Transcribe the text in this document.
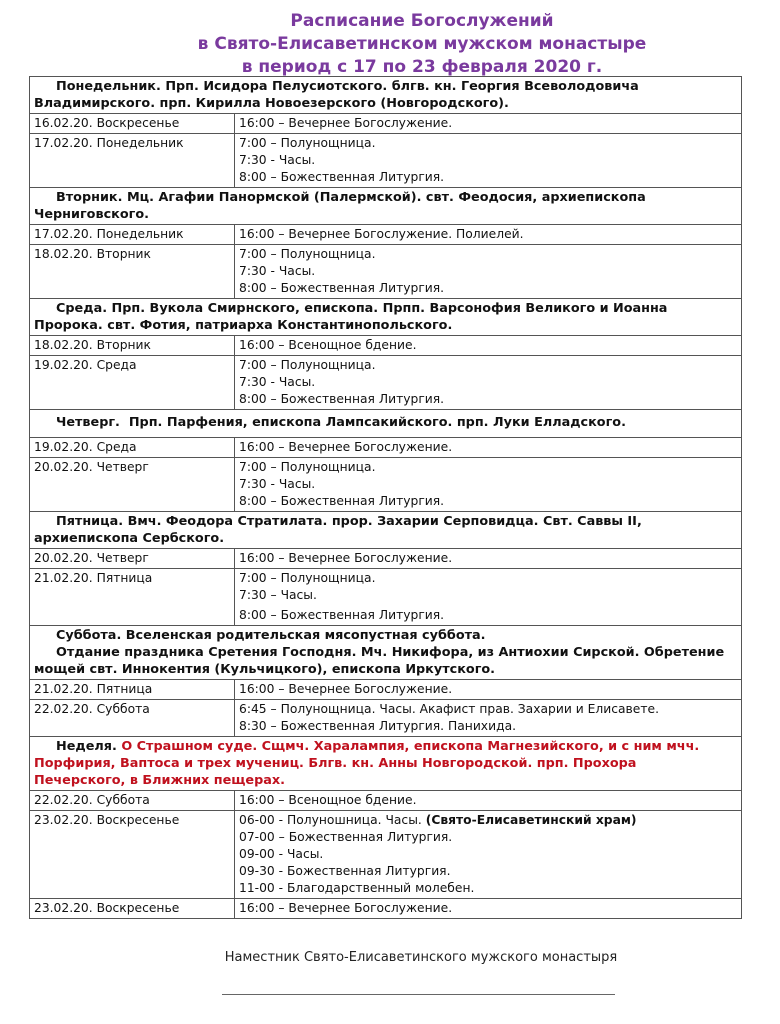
Расписание Богослужений
в Свято-Елисаветинском мужском монастыре
в период с 17 по 23 февраля 2020 г.
Понедельник. Прп. Исидора Пелусиотского. блгв. кн. Георгия Всеволодовича
Владимирского. прп. Кирилла Новоезерского (Новгородского).	
16.02.20. Воскресенье	16:00 – Вечернее Богослужение.

17.02.20. Понедельник	7:00 – Полунощница.
7:30 - Часы.
8:00 – Божественная Литургия.

Вторник. Мц. Агафии Панормской (Палермской). свт. Феодосия, архиепископа
Черниговского.	
17.02.20. Понедельник	16:00 – Вечернее Богослужение. Полиелей.

18.02.20. Вторник	7:00 – Полунощница.
7:30 - Часы.
8:00 – Божественная Литургия.

Среда. Прп. Вукола Смирнского, епископа. Прпп. Варсонофия Великого и Иоанна
Пророка. свт. Фотия, патриарха Константинопольского.	
18.02.20. Вторник	16:00 – Всенощное бдение.

19.02.20. Среда	7:00 – Полунощница.
7:30 - Часы.
8:00 – Божественная Литургия.

Четверг.  Прп. Парфения, епископа Лампсакийского. прп. Луки Елладского.	
19.02.20. Среда	16:00 – Вечернее Богослужение.

20.02.20. Четверг	7:00 – Полунощница.
7:30 - Часы.
8:00 – Божественная Литургия.

Пятница. Вмч. Феодора Стратилата. прор. Захарии Серповидца. Свт. Саввы II,
архиепископа Сербского.	
20.02.20. Четверг	16:00 – Вечернее Богослужение.

21.02.20. Пятница	7:00 – Полунощница.
7:30 – Часы.
8:00 – Божественная Литургия.

Суббота. Вселенская родительская мясопустная суббота.
Отдание праздника Сретения Господня. Мч. Никифора, из Антиохии Сирской. Обретение
мощей свт. Иннокентия (Кульчицкого), епископа Иркутского.	
21.02.20. Пятница	16:00 – Вечернее Богослужение.

22.02.20. Суббота	6:45 – Полунощница. Часы. Акафист прав. Захарии и Елисавете.
8:30 – Божественная Литургия. Панихида.

Неделя. О Страшном суде. Сщмч. Харалампия, епископа Магнезийского, и с ним мчч.
Порфирия, Ваптоса и трех мучениц. Блгв. кн. Анны Новгородской. прп. Прохора
Печерского, в Ближних пещерах.	
22.02.20. Суббота	16:00 – Всенощное бдение.

23.02.20. Воскресенье	06-00 - Полуношница. Часы. (Свято-Елисаветинский храм)
07-00 – Божественная Литургия.
09-00 - Часы.
09-30 - Божественная Литургия.
11-00 - Благодарственный молебен.

23.02.20. Воскресенье	16:00 – Вечернее Богослужение.
Наместник Свято-Елисаветинского мужского монастыря
